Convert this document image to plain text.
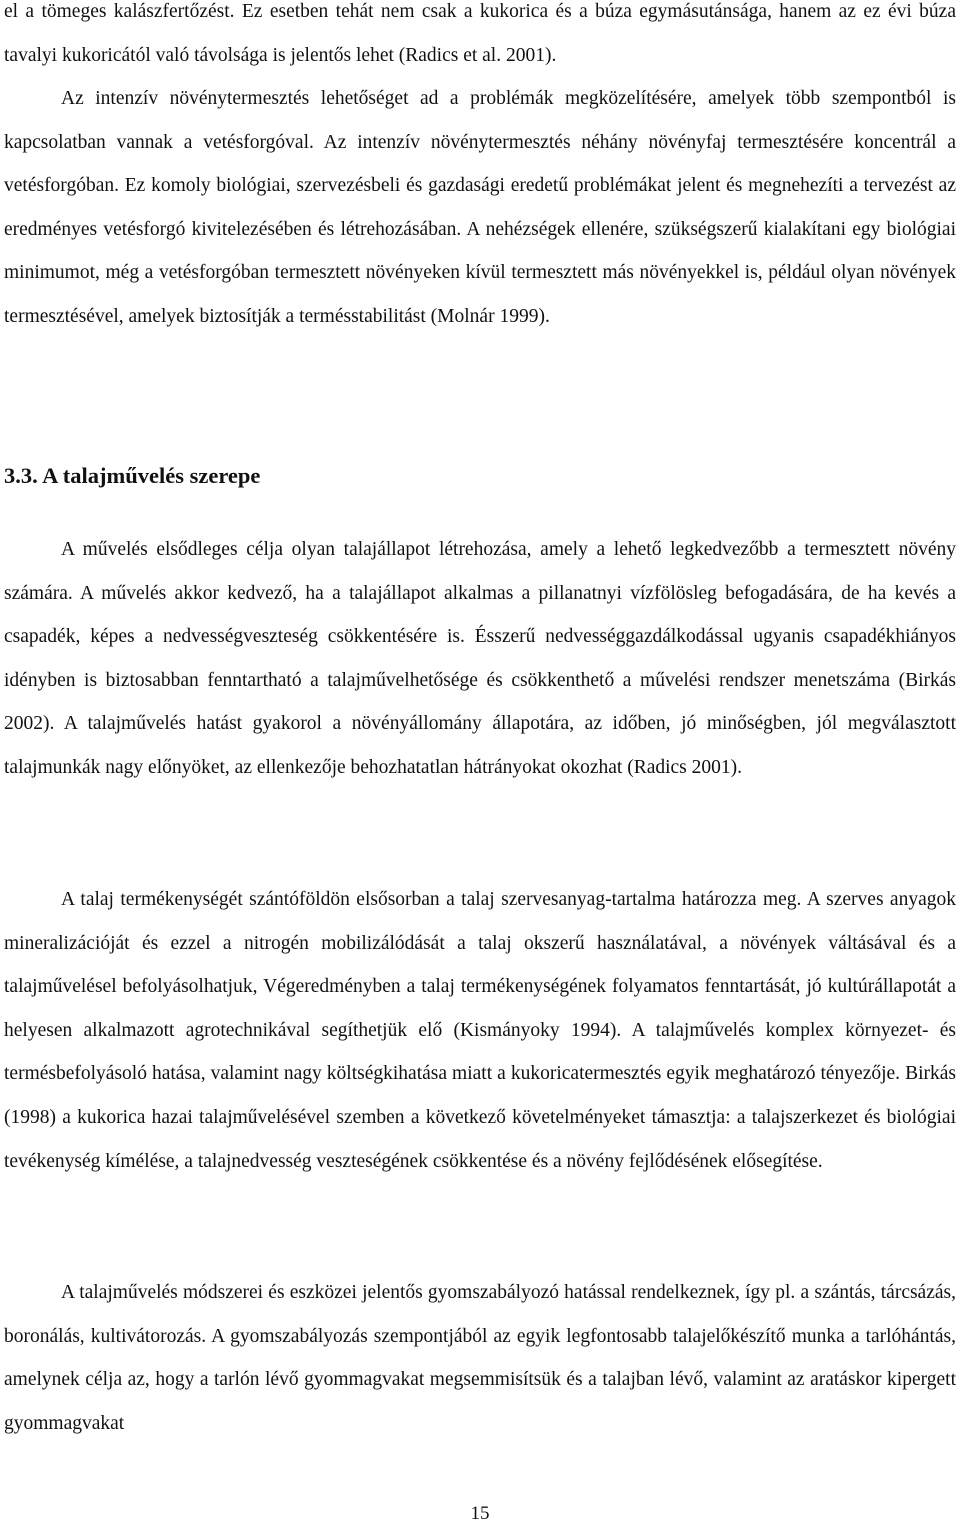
el a tömeges kalászfertőzést. Ez esetben tehát nem csak a kukorica és a búza egymásutánsága, hanem az ez évi búza tavalyi kukoricától való távolsága is jelentős lehet (Radics et al. 2001).

Az intenzív növénytermesztés lehetőséget ad a problémák megközelítésére, amelyek több szempontból is kapcsolatban vannak a vetésforgóval. Az intenzív növénytermesztés néhány növényfaj termesztésére koncentrál a vetésforgóban. Ez komoly biológiai, szervezésbeli és gazdasági eredetű problémákat jelent és megnehezíti a tervezést az eredményes vetésforgó kivitelezésében és létrehozásában. A nehézségek ellenére, szükségszerű kialakítani egy biológiai minimumot, még a vetésforgóban termesztett növényeken kívül termesztett más növényekkel is, például olyan növények termesztésével, amelyek biztosítják a termésstabilitást (Molnár 1999).

3.3. A talajművelés szerepe

A művelés elsődleges célja olyan talajállapot létrehozása, amely a lehető legkedvezőbb a termesztett növény számára. A művelés akkor kedvező, ha a talajállapot alkalmas a pillanatnyi vízfölösleg befogadására, de ha kevés a csapadék, képes a nedvességveszteség csökkentésére is. Ésszerű nedvességgazdálkodással ugyanis csapadékhiányos idényben is biztosabban fenntartható a talajművelhetősége és csökkenthető a művelési rendszer menetszáma (Birkás 2002). A talajművelés hatást gyakorol a növényállomány állapotára, az időben, jó minőségben, jól megválasztott talajmunkák nagy előnyöket, az ellenkezője behozhatatlan hátrányokat okozhat (Radics 2001).

A talaj termékenységét szántóföldön elsősorban a talaj szervesanyag-tartalma határozza meg. A szerves anyagok mineralizációját és ezzel a nitrogén mobilizálódását a talaj okszerű használatával, a növények váltásával és a talajművelésel befolyásolhatjuk, Végeredményben a talaj termékenységének folyamatos fenntartását, jó kultúrállapotát a helyesen alkalmazott agrotechnikával segíthetjük elő (Kismányoky 1994). A talajművelés komplex környezet- és termésbefolyásoló hatása, valamint nagy költségkihatása miatt a kukoricatermesztés egyik meghatározó tényezője. Birkás (1998) a kukorica hazai talajművelésével szemben a következő követelményeket támasztja: a talajszerkezet és biológiai tevékenység kímélése, a talajnedvesség veszteségének csökkentése és a növény fejlődésének elősegítése.

A talajművelés módszerei és eszközei jelentős gyomszabályozó hatással rendelkeznek, így pl. a szántás, tárcsázás, boronálás, kultivátorozás. A gyomszabályozás szempontjából az egyik legfontosabb talajelőkészítő munka a tarlóhántás, amelynek célja az, hogy a tarlón lévő gyommagvakat megsemmisítsük és a talajban lévő, valamint az aratáskor kipergett gyommagvakat

15
